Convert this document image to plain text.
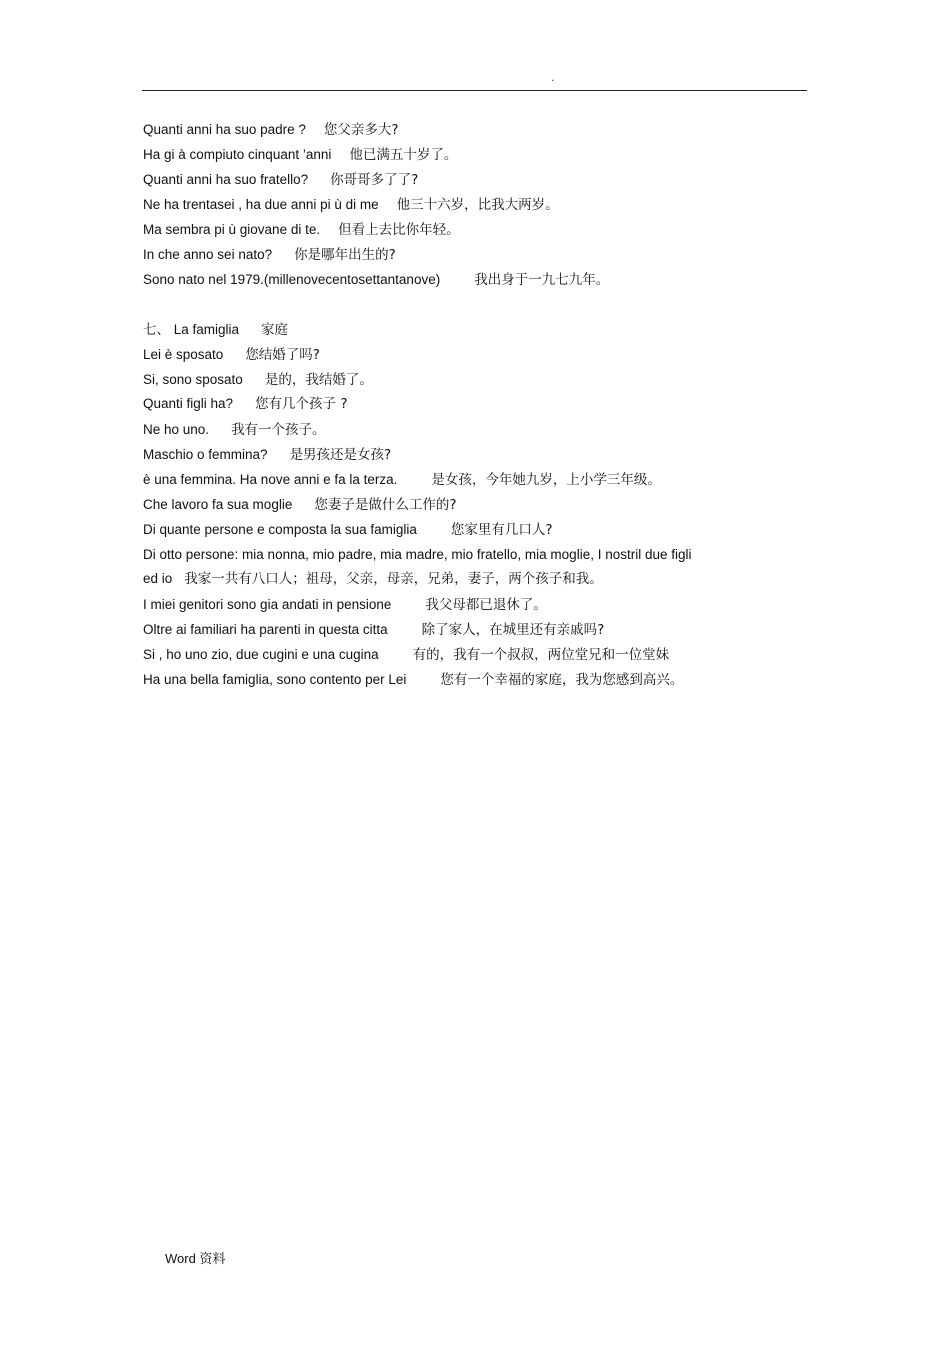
.
Quanti anni ha suo padre ? 您父亲多大?
Ha gi à compiuto cinquant ’anni 他已满五十岁了。
Quanti anni ha suo fratello? 你哥哥多了了?
Ne ha trentasei , ha due anni pi ù di me 他三十六岁，比我大两岁。
Ma sembra pi ù giovane di te. 但看上去比你年轻。
In che anno sei nato? 你是哪年出生的?
Sono nato nel 1979.(millenovecentosettantanove)	我出身于一九七九年。
七、 La famiglia 家庭
Lei è sposato 您结婚了吗?
Si, sono sposato 是的，我结婚了。
Quanti figli ha? 您有几个孩子 ?
Ne ho uno. 我有一个孩子。
Maschio o femmina? 是男孩还是女孩?
è una femmina. Ha nove anni e fa la terza.	是女孩，今年她九岁，上小学三年级。
Che lavoro fa sua moglie 您妻子是做什么工作的?
Di quante persone e composta la sua famiglia	您家里有几口人?
Di otto persone: mia nonna, mio padre, mia madre, mio fratello, mia moglie, I nostril due figli
ed io 我家一共有八口人；祖母，父亲，母亲，兄弟，妻子，两个孩子和我。
I miei genitori sono gia andati in pensione	我父母都已退休了。
Oltre ai familiari ha parenti in questa citta	除了家人，在城里还有亲戚吗?
Si , ho uno zio, due cugini e una cugina	有的，我有一个叔叔，两位堂兄和一位堂妹
Ha una bella famiglia, sono contento per Lei	您有一个幸福的家庭，我为您感到高兴。
Word 资料
